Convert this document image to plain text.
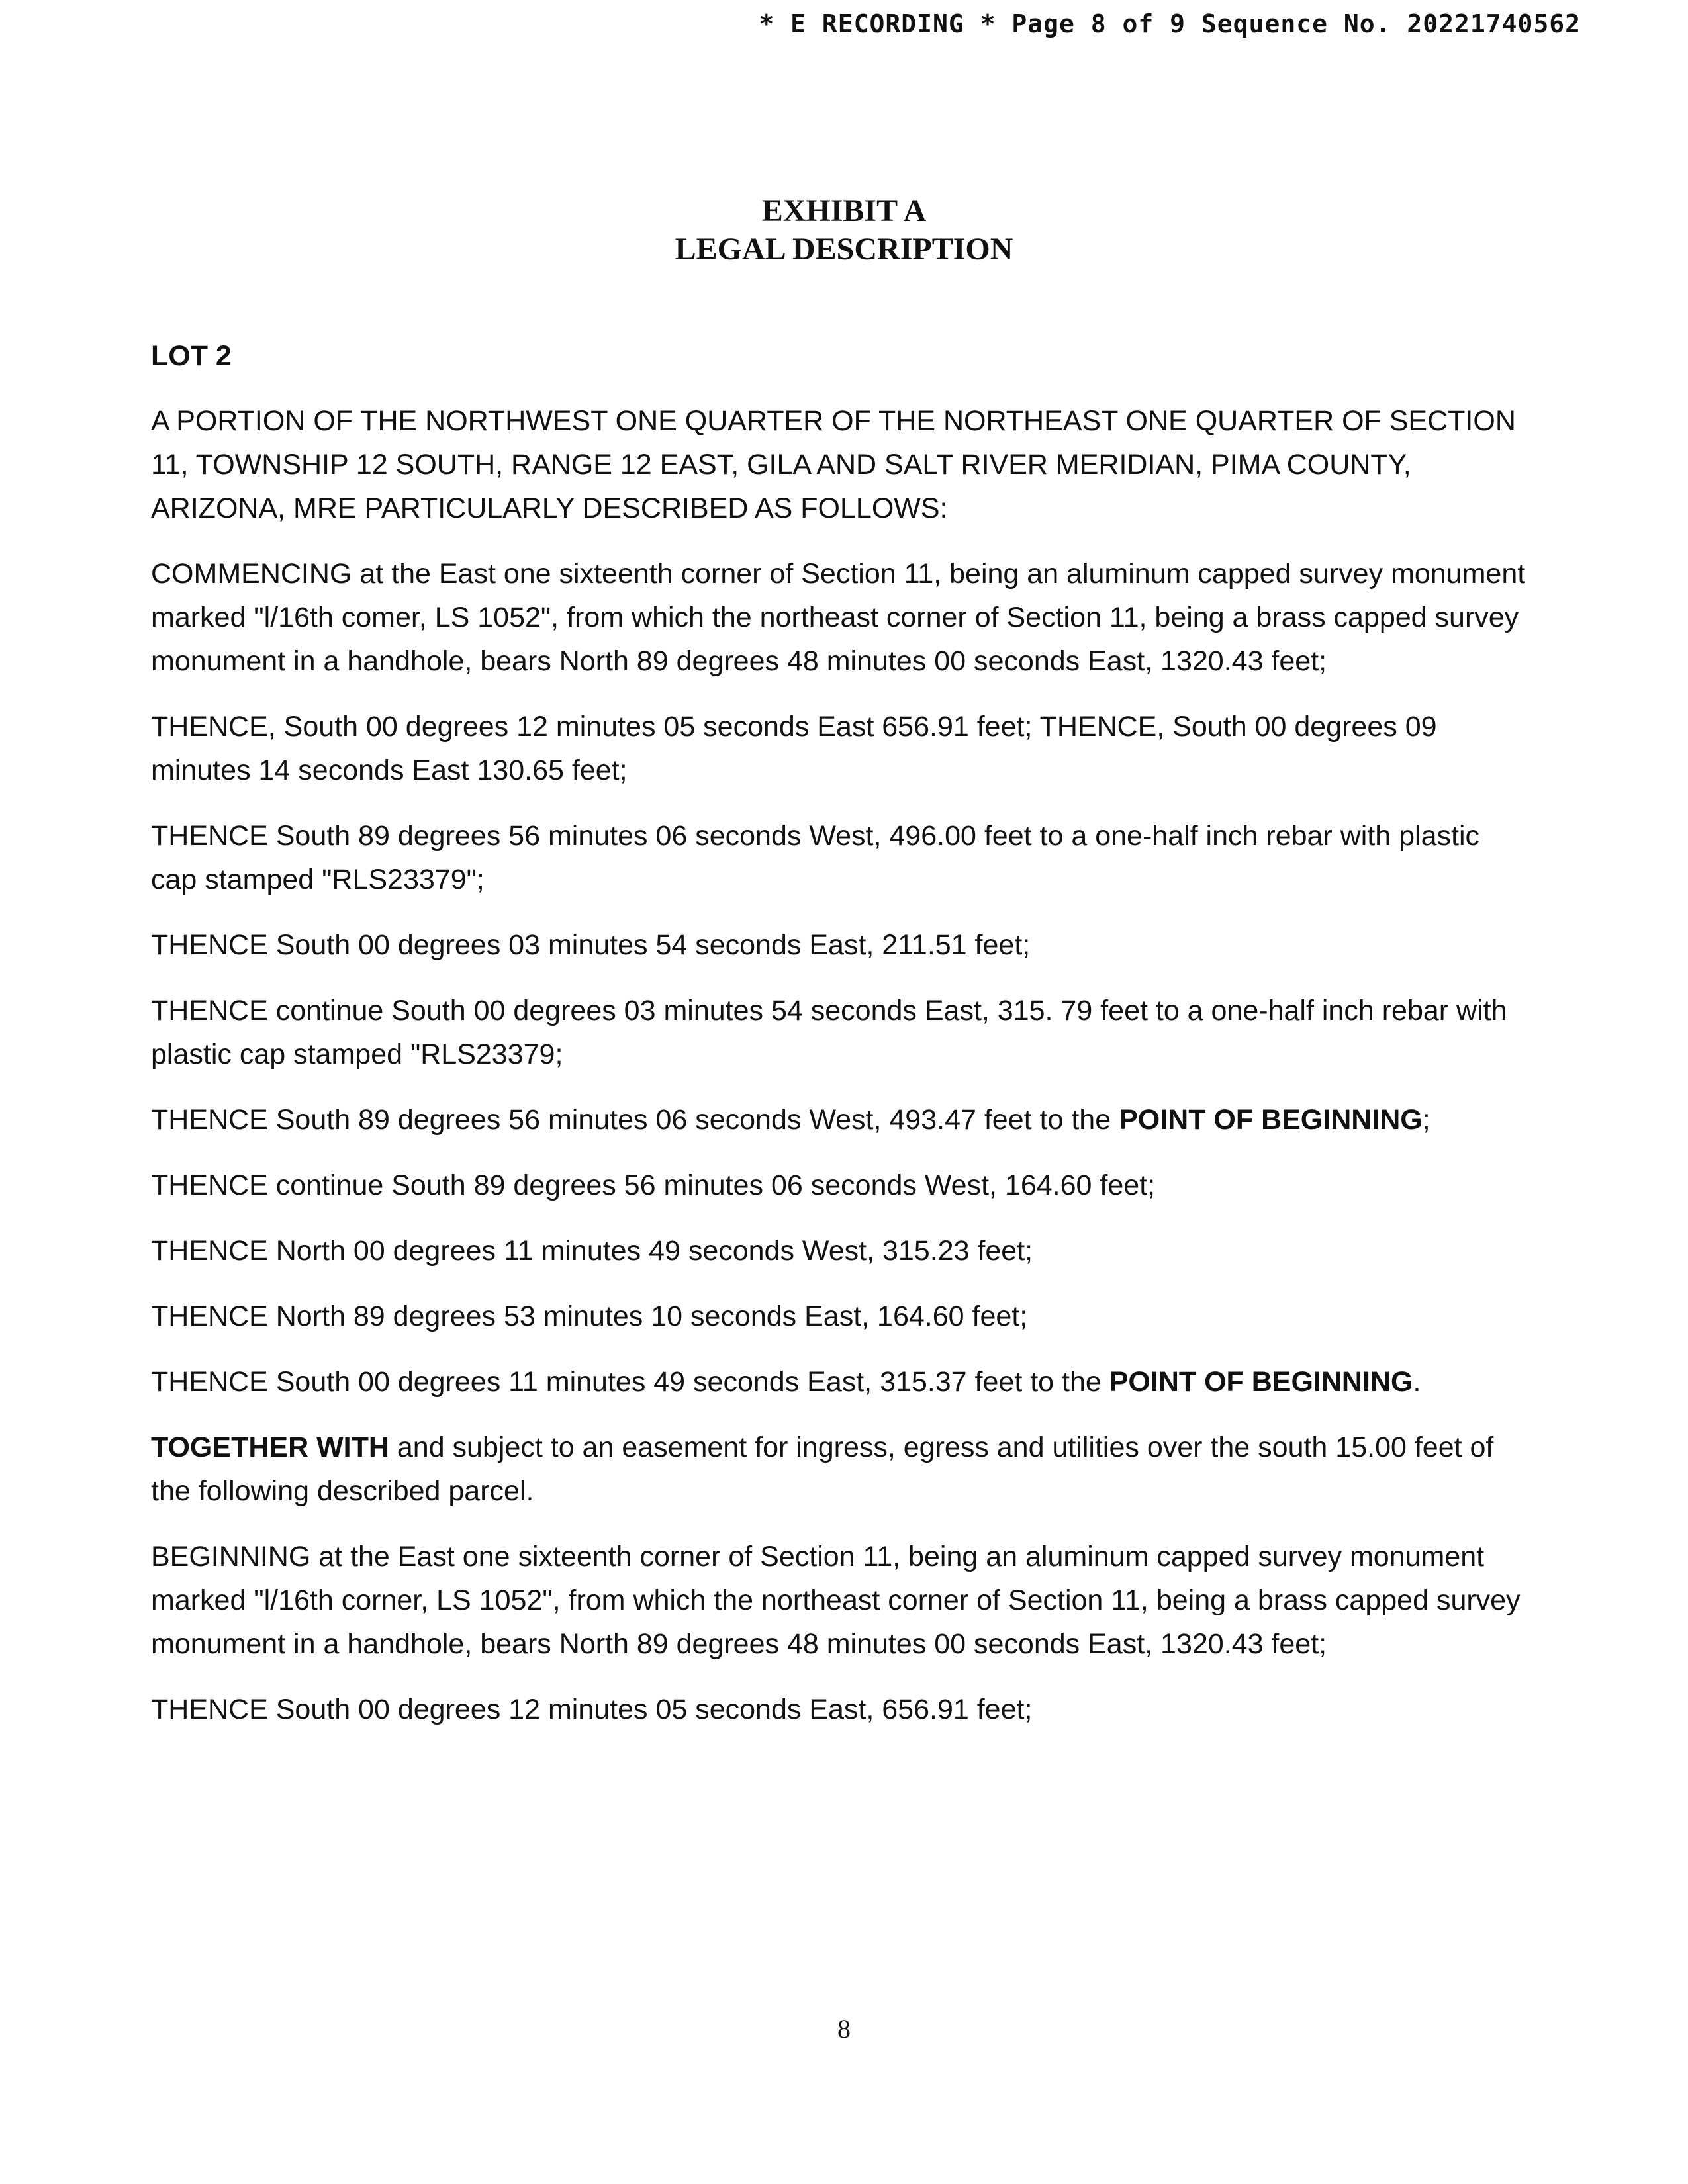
* E RECORDING * Page 8 of 9 Sequence No. 20221740562
EXHIBIT A
LEGAL DESCRIPTION
LOT 2

A PORTION OF THE NORTHWEST ONE QUARTER OF THE NORTHEAST ONE QUARTER OF SECTION 11, TOWNSHIP 12 SOUTH, RANGE 12 EAST, GILA AND SALT RIVER MERIDIAN, PIMA COUNTY, ARIZONA, MRE PARTICULARLY DESCRIBED AS FOLLOWS:

COMMENCING at the East one sixteenth corner of Section 11, being an aluminum capped survey monument marked "l/16th comer, LS 1052", from which the northeast corner of Section 11, being a brass capped survey monument in a handhole, bears North 89 degrees 48 minutes 00 seconds East, 1320.43 feet;

THENCE, South 00 degrees 12 minutes 05 seconds East 656.91 feet; THENCE, South 00 degrees 09 minutes 14 seconds East 130.65 feet;

THENCE South 89 degrees 56 minutes 06 seconds West, 496.00 feet to a one-half inch rebar with plastic cap stamped "RLS23379";

THENCE South 00 degrees 03 minutes 54 seconds East, 211.51 feet;

THENCE continue South 00 degrees 03 minutes 54 seconds East, 315. 79 feet to a one-half inch rebar with plastic cap stamped "RLS23379;

THENCE South 89 degrees 56 minutes 06 seconds West, 493.47 feet to the POINT OF BEGINNING;

THENCE continue South 89 degrees 56 minutes 06 seconds West, 164.60 feet;

THENCE North 00 degrees 11 minutes 49 seconds West, 315.23 feet;

THENCE North 89 degrees 53 minutes 10 seconds East, 164.60 feet;

THENCE South 00 degrees 11 minutes 49 seconds East, 315.37 feet to the POINT OF BEGINNING.

TOGETHER WITH and subject to an easement for ingress, egress and utilities over the south 15.00 feet of the following described parcel.

BEGINNING at the East one sixteenth corner of Section 11, being an aluminum capped survey monument marked "l/16th corner, LS 1052", from which the northeast corner of Section 11, being a brass capped survey monument in a handhole, bears North 89 degrees 48 minutes 00 seconds East, 1320.43 feet;

THENCE South 00 degrees 12 minutes 05 seconds East, 656.91 feet;

8
